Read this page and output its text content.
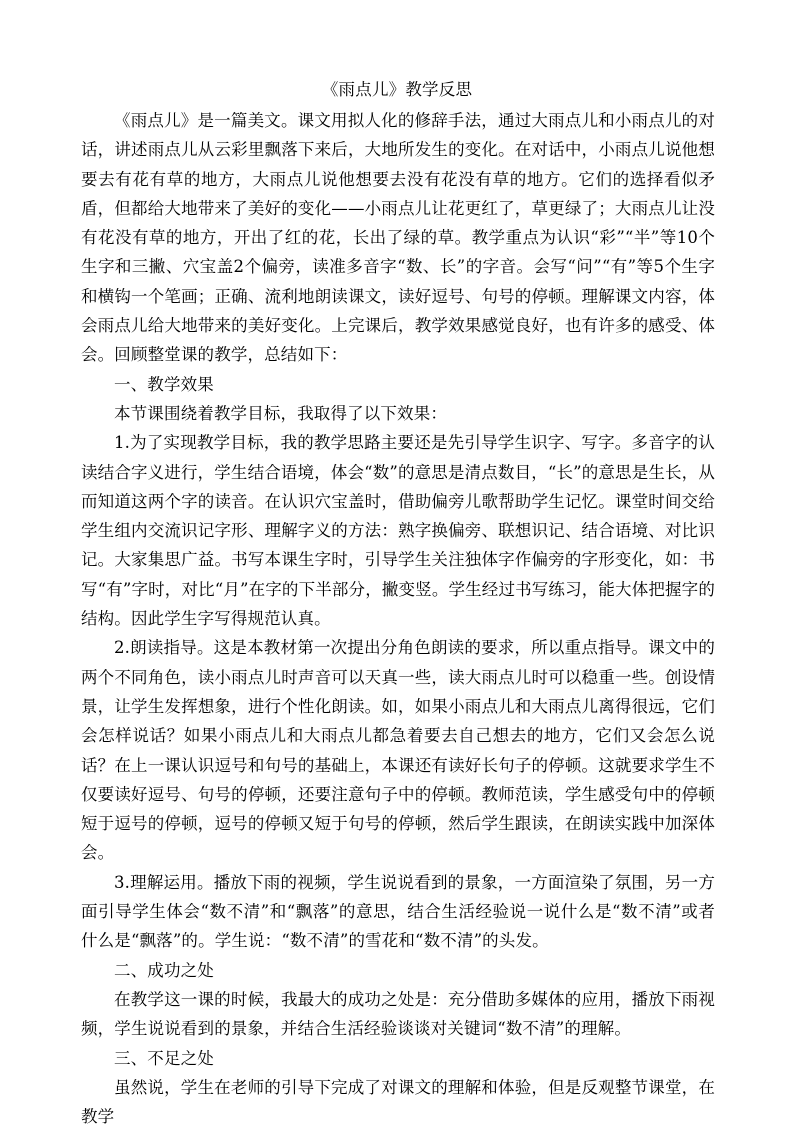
《雨点儿》教学反思

《雨点儿》是一篇美文。课文用拟人化的修辞手法，通过大雨点儿和小雨点儿的对话，讲述雨点儿从云彩里飘落下来后，大地所发生的变化。在对话中，小雨点儿说他想要去有花有草的地方，大雨点儿说他想要去没有花没有草的地方。它们的选择看似矛盾，但都给大地带来了美好的变化——小雨点儿让花更红了，草更绿了；大雨点儿让没有花没有草的地方，开出了红的花，长出了绿的草。教学重点为认识“彩”“半”等10个生字和三撇、穴宝盖2个偏旁，读准多音字“数、长”的字音。会写“问”“有”等5个生字和横钩一个笔画；正确、流利地朗读课文，读好逗号、句号的停顿。理解课文内容，体会雨点儿给大地带来的美好变化。上完课后，教学效果感觉良好，也有许多的感受、体会。回顾整堂课的教学，总结如下：

一、教学效果

本节课围绕着教学目标，我取得了以下效果：

1.为了实现教学目标，我的教学思路主要还是先引导学生识字、写字。多音字的认读结合字义进行，学生结合语境，体会“数”的意思是清点数目，“长”的意思是生长，从而知道这两个字的读音。在认识穴宝盖时，借助偏旁儿歌帮助学生记忆。课堂时间交给学生组内交流识记字形、理解字义的方法：熟字换偏旁、联想识记、结合语境、对比识记。大家集思广益。书写本课生字时，引导学生关注独体字作偏旁的字形变化，如：书写“有”字时，对比“月”在字的下半部分，撇变竖。学生经过书写练习，能大体把握字的结构。因此学生字写得规范认真。

2.朗读指导。这是本教材第一次提出分角色朗读的要求，所以重点指导。课文中的两个不同角色，读小雨点儿时声音可以天真一些，读大雨点儿时可以稳重一些。创设情景，让学生发挥想象，进行个性化朗读。如，如果小雨点儿和大雨点儿离得很远，它们会怎样说话？如果小雨点儿和大雨点儿都急着要去自己想去的地方，它们又会怎么说话？在上一课认识逗号和句号的基础上，本课还有读好长句子的停顿。这就要求学生不仅要读好逗号、句号的停顿，还要注意句子中的停顿。教师范读，学生感受句中的停顿短于逗号的停顿，逗号的停顿又短于句号的停顿，然后学生跟读，在朗读实践中加深体会。

3.理解运用。播放下雨的视频，学生说说看到的景象，一方面渲染了氛围，另一方面引导学生体会“数不清”和“飘落”的意思，结合生活经验说一说什么是“数不清”或者什么是“飘落”的。学生说：“数不清”的雪花和“数不清”的头发。

二、成功之处

在教学这一课的时候，我最大的成功之处是：充分借助多媒体的应用，播放下雨视频，学生说说看到的景象，并结合生活经验谈谈对关键词“数不清”的理解。

三、不足之处

虽然说，学生在老师的引导下完成了对课文的理解和体验，但是反观整节课堂，在教学
